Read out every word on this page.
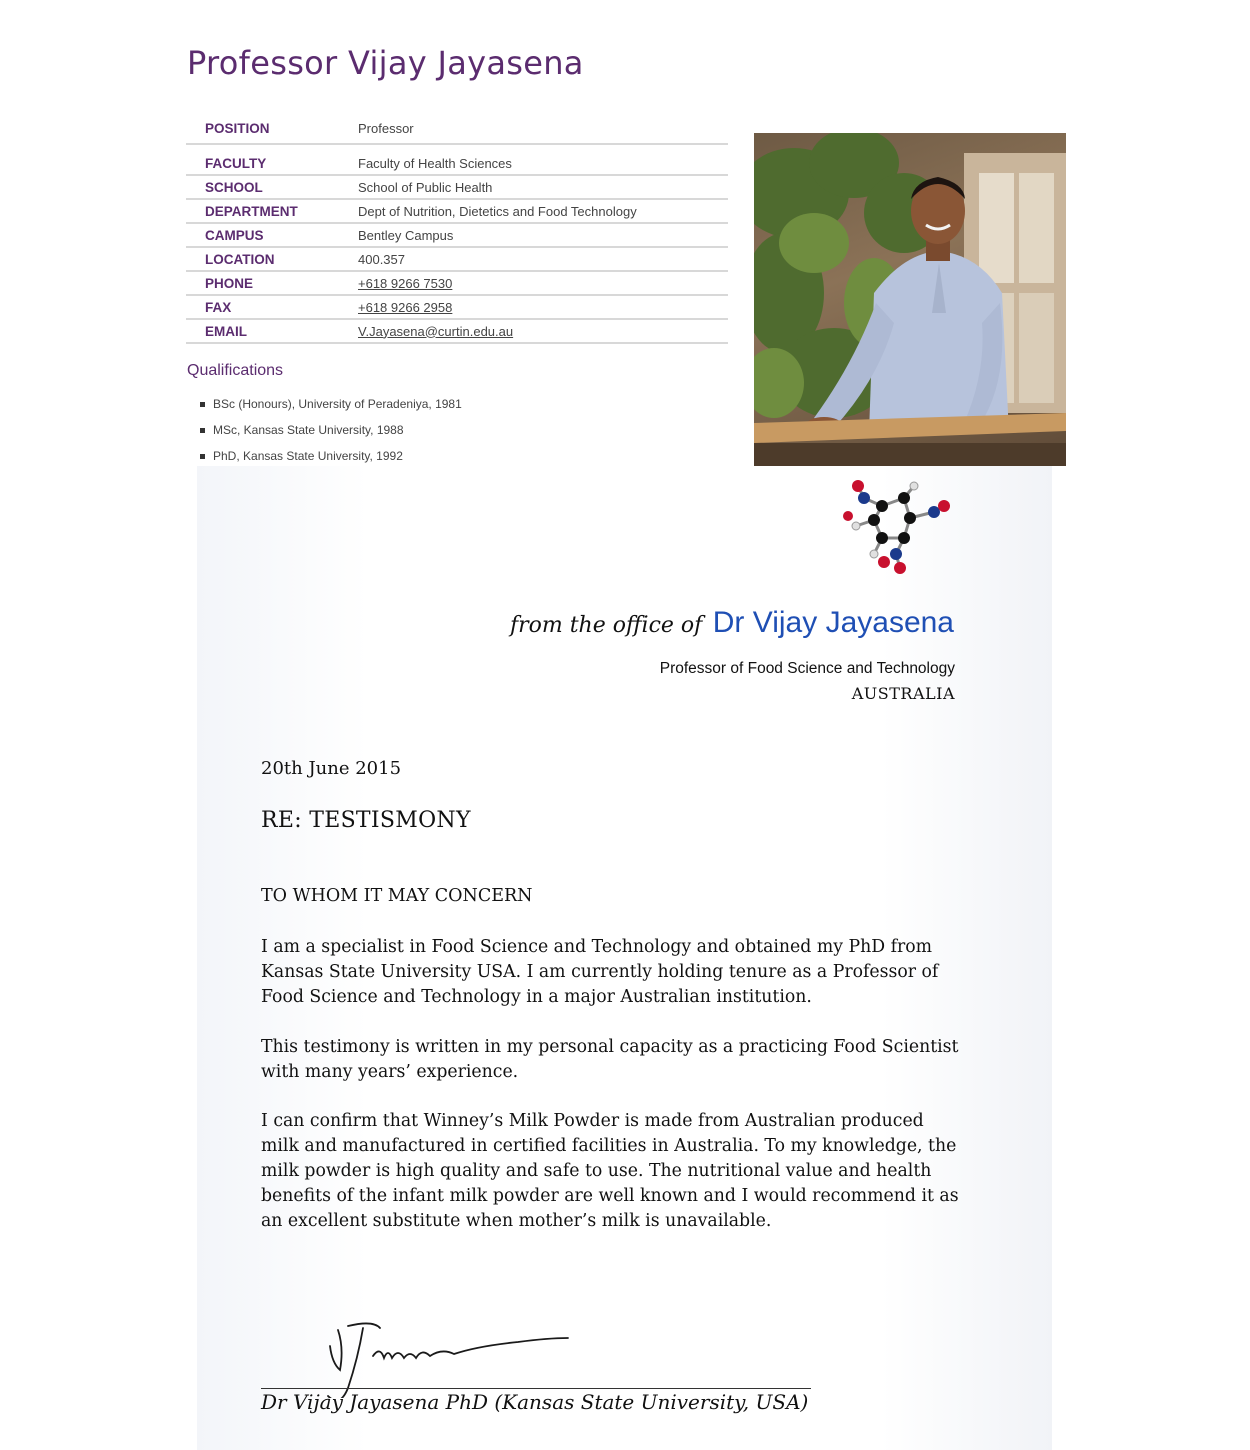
Professor Vijay Jayasena
POSITION	Professor
FACULTY	Faculty of Health Sciences
SCHOOL	School of Public Health
DEPARTMENT	Dept of Nutrition, Dietetics and Food Technology
CAMPUS	Bentley Campus
LOCATION	400.357
PHONE	+618 9266 7530
FAX	+618 9266 2958
EMAIL	V.Jayasena@curtin.edu.au
Qualifications
BSc (Honours), University of Peradeniya, 1981
MSc, Kansas State University, 1988
PhD, Kansas State University, 1992
from the office of Dr Vijay Jayasena
Professor of Food Science and Technology
AUSTRALIA
20th June 2015
RE: TESTISMONY
TO WHOM IT MAY CONCERN

I am a specialist in Food Science and Technology and obtained my PhD from Kansas State University USA. I am currently holding tenure as a Professor of Food Science and Technology in a major Australian institution.

This testimony is written in my personal capacity as a practicing Food Scientist with many years’ experience.

I can confirm that Winney’s Milk Powder is made from Australian produced milk and manufactured in certified facilities in Australia. To my knowledge, the milk powder is high quality and safe to use. The nutritional value and health benefits of the infant milk powder are well known and I would recommend it as an excellent substitute when mother’s milk is unavailable.

Dr Vijay Jayasena PhD (Kansas State University, USA)
